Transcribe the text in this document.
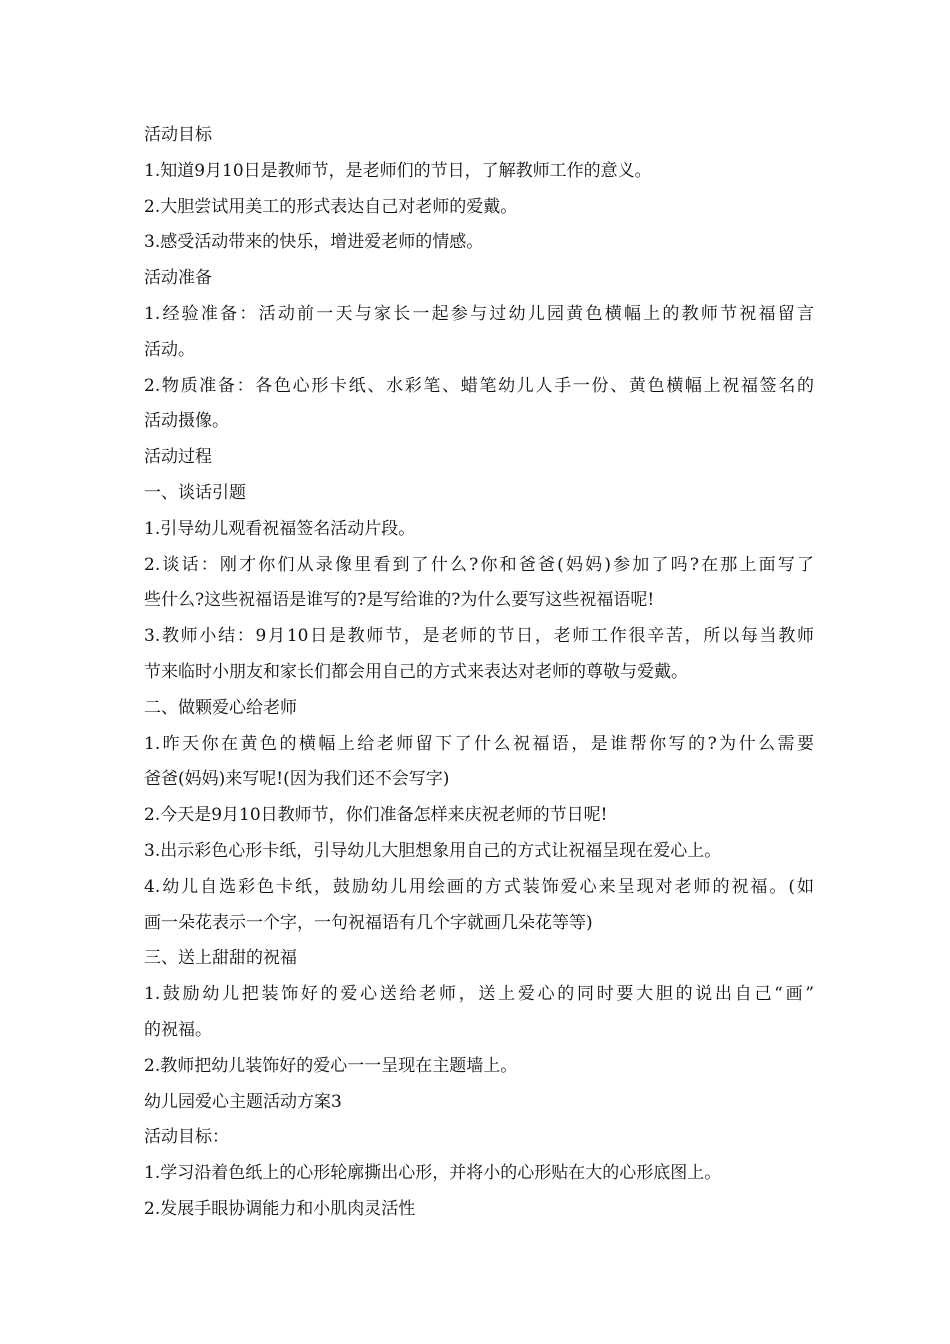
活动目标
1.知道9月10日是教师节，是老师们的节日，了解教师工作的意义。
2.大胆尝试用美工的形式表达自己对老师的爱戴。
3.感受活动带来的快乐，增进爱老师的情感。
活动准备
1.经验准备：活动前一天与家长一起参与过幼儿园黄色横幅上的教师节祝福留言
活动。
2.物质准备：各色心形卡纸、水彩笔、蜡笔幼儿人手一份、黄色横幅上祝福签名的
活动摄像。
活动过程
一、谈话引题
1.引导幼儿观看祝福签名活动片段。
2.谈话：刚才你们从录像里看到了什么?你和爸爸(妈妈)参加了吗?在那上面写了
些什么?这些祝福语是谁写的?是写给谁的?为什么要写这些祝福语呢!
3.教师小结：9月10日是教师节，是老师的节日，老师工作很辛苦，所以每当教师
节来临时小朋友和家长们都会用自己的方式来表达对老师的尊敬与爱戴。
二、做颗爱心给老师
1.昨天你在黄色的横幅上给老师留下了什么祝福语，是谁帮你写的?为什么需要
爸爸(妈妈)来写呢!(因为我们还不会写字)
2.今天是9月10日教师节，你们准备怎样来庆祝老师的节日呢!
3.出示彩色心形卡纸，引导幼儿大胆想象用自己的方式让祝福呈现在爱心上。
4.幼儿自选彩色卡纸，鼓励幼儿用绘画的方式装饰爱心来呈现对老师的祝福。(如
画一朵花表示一个字，一句祝福语有几个字就画几朵花等等)
三、送上甜甜的祝福
1.鼓励幼儿把装饰好的爱心送给老师，送上爱心的同时要大胆的说出自己“画”
的祝福。
2.教师把幼儿装饰好的爱心一一呈现在主题墙上。
幼儿园爱心主题活动方案3
活动目标：
1.学习沿着色纸上的心形轮廓撕出心形，并将小的心形贴在大的心形底图上。
2.发展手眼协调能力和小肌肉灵活性
